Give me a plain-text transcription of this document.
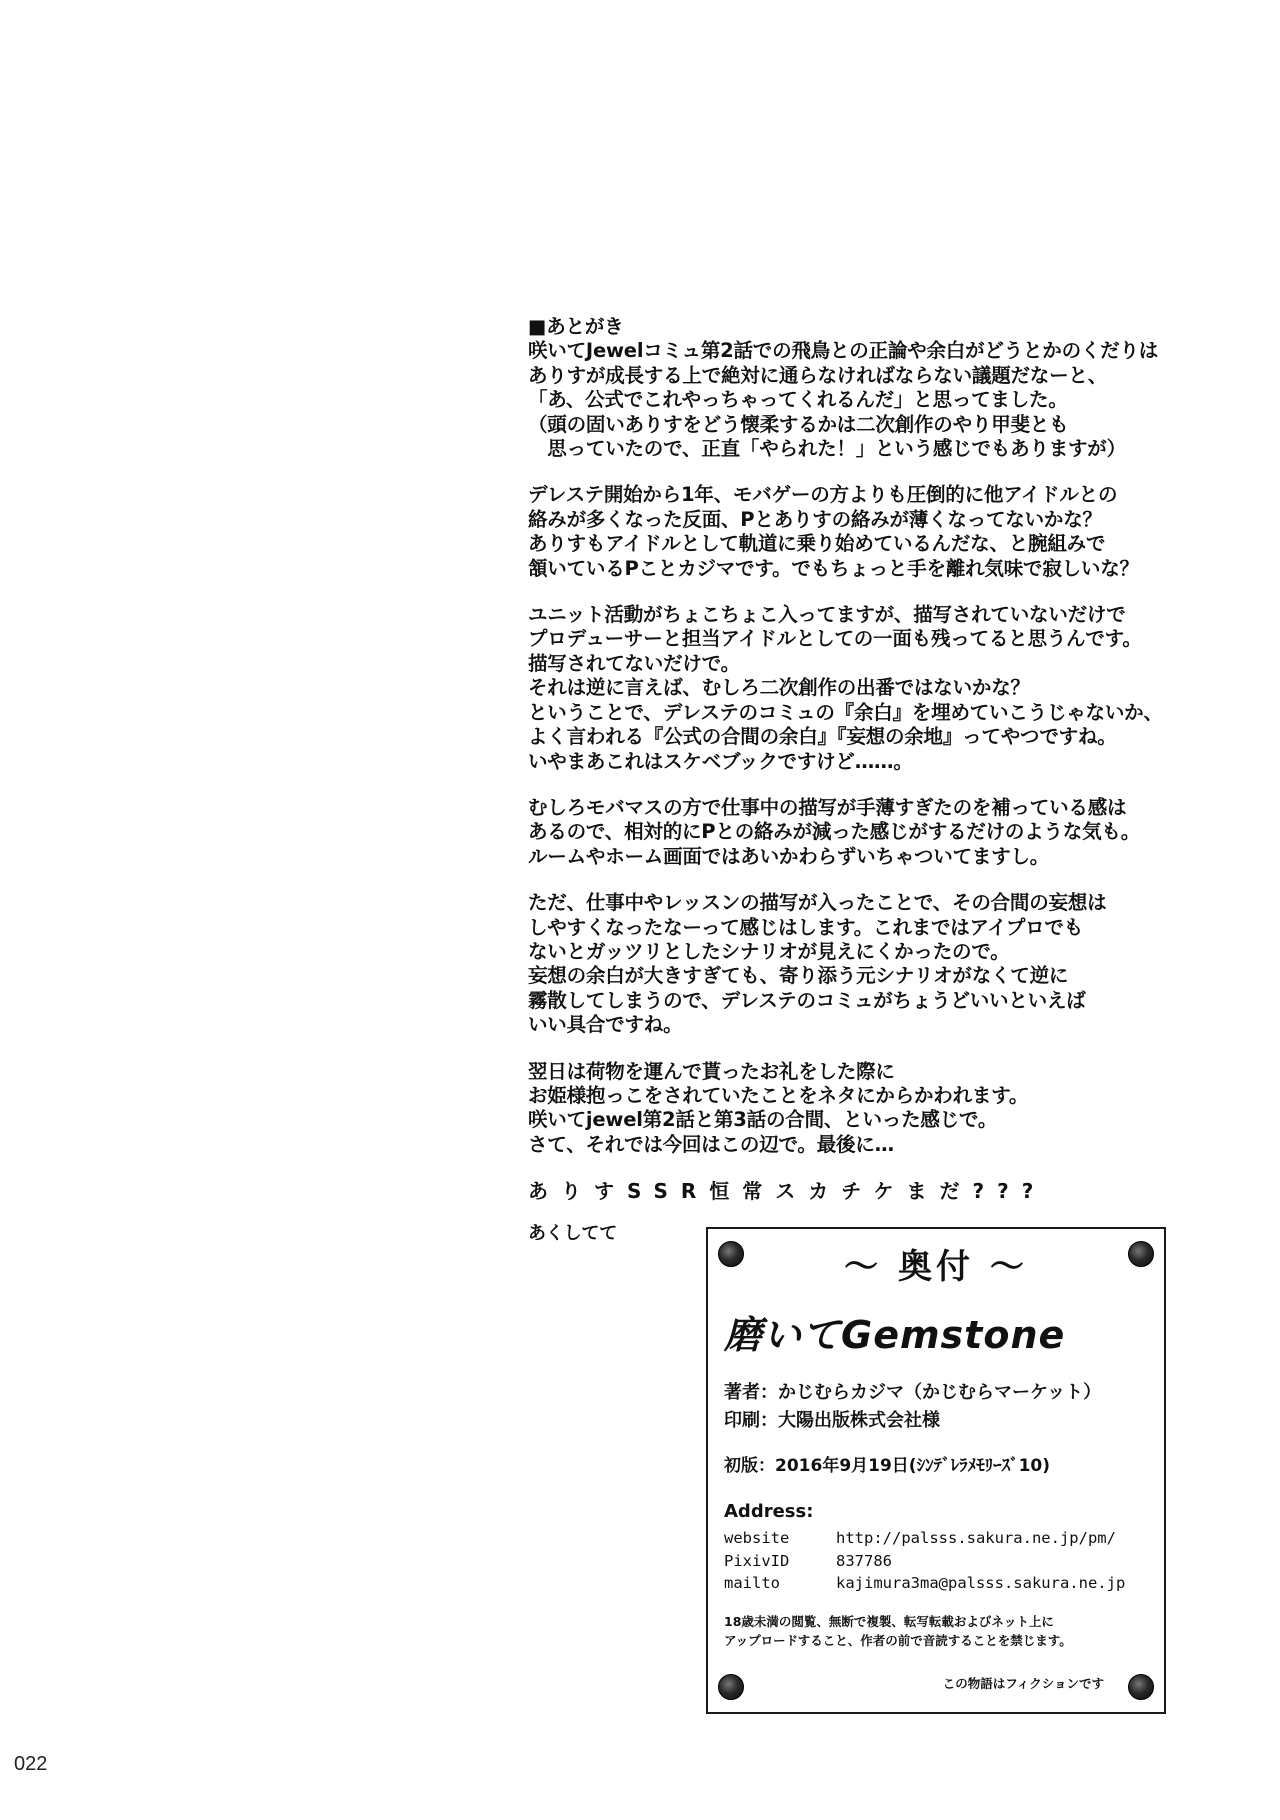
■あとがき
咲いてJewelコミュ第2話での飛鳥との正論や余白がどうとかのくだりは
ありすが成長する上で絶対に通らなければならない議題だなーと、
「あ、公式でこれやっちゃってくれるんだ」と思ってました。
（頭の固いありすをどう懐柔するかは二次創作のやり甲斐とも
　思っていたので、正直「やられた！」という感じでもありますが）
デレステ開始から1年、モバゲーの方よりも圧倒的に他アイドルとの
絡みが多くなった反面、Pとありすの絡みが薄くなってないかな？
ありすもアイドルとして軌道に乗り始めているんだな、と腕組みで
頷いているPことカジマです。でもちょっと手を離れ気味で寂しいな？
ユニット活動がちょこちょこ入ってますが、描写されていないだけで
プロデューサーと担当アイドルとしての一面も残ってると思うんです。
描写されてないだけで。
それは逆に言えば、むしろ二次創作の出番ではないかな？
ということで、デレステのコミュの『余白』を埋めていこうじゃないか、
よく言われる『公式の合間の余白』『妄想の余地』ってやつですね。
いやまあこれはスケベブックですけど……。
むしろモバマスの方で仕事中の描写が手薄すぎたのを補っている感は
あるので、相対的にPとの絡みが減った感じがするだけのような気も。
ルームやホーム画面ではあいかわらずいちゃついてますし。
ただ、仕事中やレッスンの描写が入ったことで、その合間の妄想は
しやすくなったなーって感じはします。これまではアイプロでも
ないとガッツリとしたシナリオが見えにくかったので。
妄想の余白が大きすぎても、寄り添う元シナリオがなくて逆に
霧散してしまうので、デレステのコミュがちょうどいいといえば
いい具合ですね。
翌日は荷物を運んで貰ったお礼をした際に
お姫様抱っこをされていたことをネタにからかわれます。
咲いてjewel第2話と第3話の合間、といった感じで。
さて、それでは今回はこの辺で。最後に…
ありすSSR恒常スカチケまだ???
あくしてて
～ 奥付 ～
磨いてGemstone
著者：かじむらカジマ（かじむらマーケット）
印刷：大陽出版株式会社様
初版：2016年9月19日(ｼﾝﾃﾞﾚﾗﾒﾓﾘｰｽﾞ10)
Address:
website	http://palsss.sakura.ne.jp/pm/
PixivID	837786
mailto	kajimura3ma@palsss.sakura.ne.jp
18歳未満の閲覧、無断で複製、転写転載およびネット上に
アップロードすること、作者の前で音読することを禁じます。
この物語はフィクションです
022
